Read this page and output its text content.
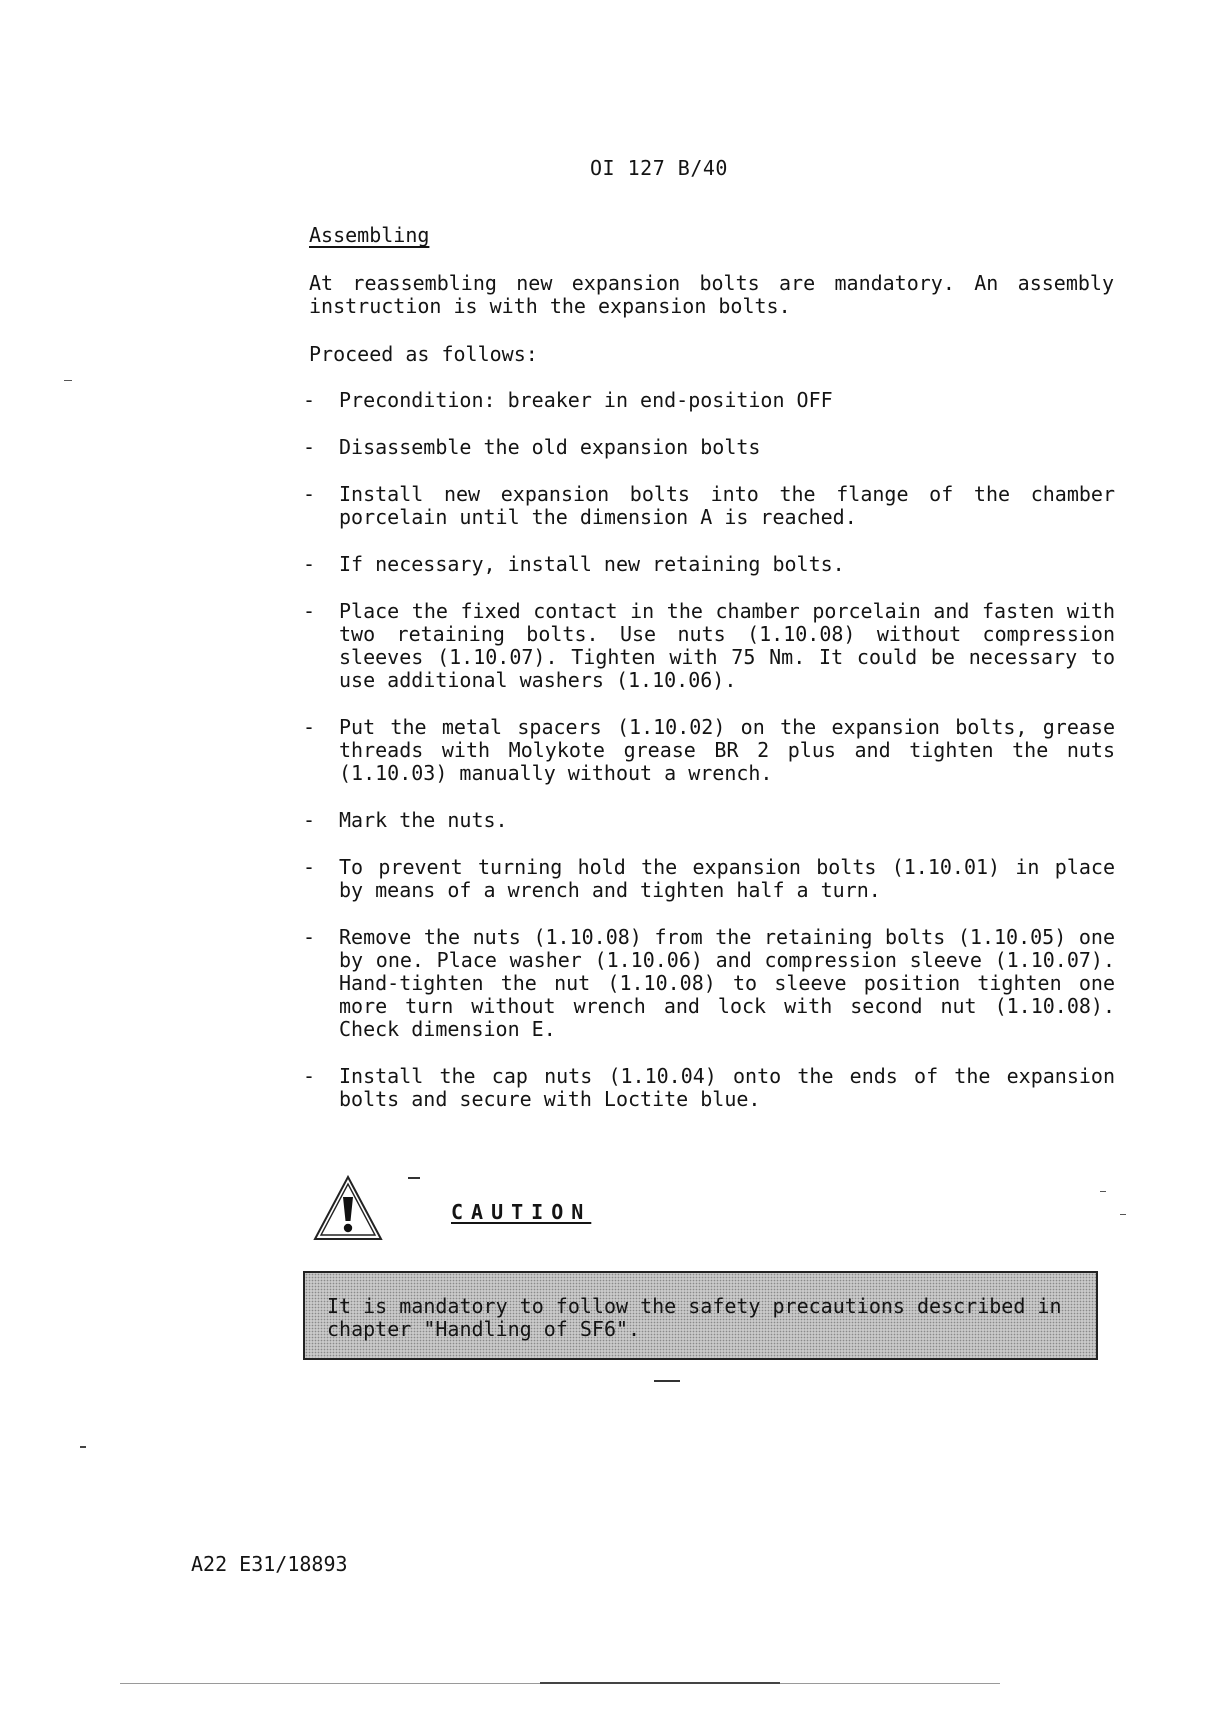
OI 127 B/40
Assembling
At reassembling new expansion bolts are mandatory. An assembly instruction is with the expansion bolts.
Proceed as follows:
- Precondition: breaker in end-position OFF
- Disassemble the old expansion bolts
- Install new expansion bolts into the flange of the chamber porcelain until the dimension A is reached.
- If necessary, install new retaining bolts.
- Place the fixed contact in the chamber porcelain and fasten with two retaining bolts. Use nuts (1.10.08) without compression sleeves (1.10.07). Tighten with 75 Nm. It could be necessary to use additional washers (1.10.06).
- Put the metal spacers (1.10.02) on the expansion bolts, grease threads with Molykote grease BR 2 plus and tighten the nuts (1.10.03) manually without a wrench.
- Mark the nuts.
- To prevent turning hold the expansion bolts (1.10.01) in place by means of a wrench and tighten half a turn.
- Remove the nuts (1.10.08) from the retaining bolts (1.10.05) one by one. Place washer (1.10.06) and compression sleeve (1.10.07). Hand-tighten the nut (1.10.08) to sleeve position tighten one more turn without wrench and lock with second nut (1.10.08). Check dimension E.
- Install the cap nuts (1.10.04) onto the ends of the expansion bolts and secure with Loctite blue.
CAUTION
It is mandatory to follow the safety precautions described in chapter "Handling of SF6".
A22 E31/18893
